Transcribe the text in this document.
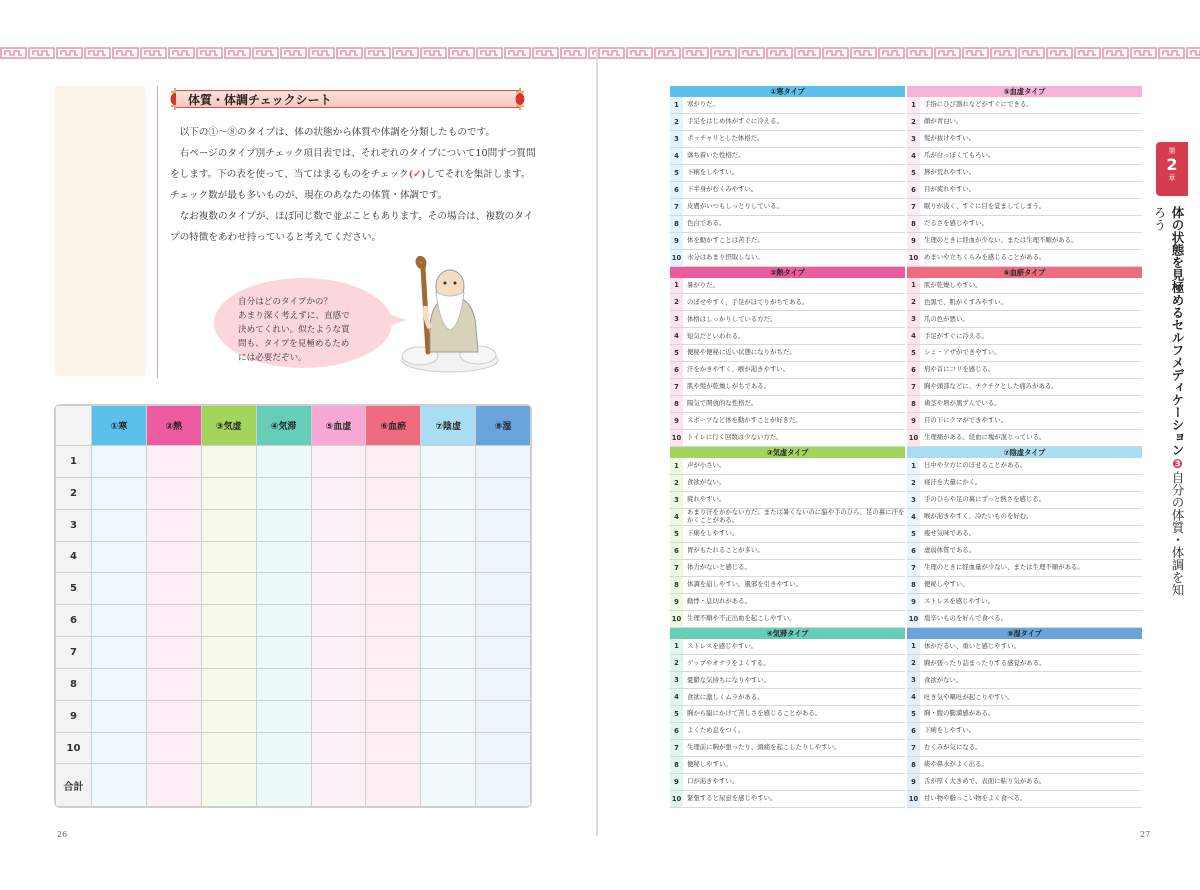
体質・体調チェックシート

以下の①～⑧のタイプは、体の状態から体質や体調を分類したものです。

右ページのタイプ別チェック項目表では、それぞれのタイプについて10問ずつ質問をします。下の表を使って、当てはまるものをチェック(✓)してそれを集計します。チェック数が最も多いものが、現在のあなたの体質・体調です。

なお複数のタイプが、ほぼ同じ数で並ぶこともあります。その場合は、複数のタイプの特徴をあわせ持っていると考えてください。

自分はどのタイプかの？
あまり深く考えずに、直感で
決めてくれい。似たような質
問も、タイプを見極めるため
には必要だぞい。
	①寒	②熱	③気虚	④気滞	⑤血虚	⑥血瘀	⑦陰虚	⑧湿
1								
2								
3								
4								
5								
6								
7								
8								
9								
10								
合計								
26
①寒タイプ
1	寒がりだ。
2	手足をはじめ体がすぐに冷える。
3	ポッチャリとした体格だ。
4	落ち着いた性格だ。
5	下痢をしやすい。
6	下半身がむくみやすい。
7	皮膚がいつもしっとりしている。
8	色白である。
9	体を動かすことは苦手だ。
10 水分はあまり摂取しない。
⑤血虚タイプ
1	手指にひび割れなどがすぐにできる。
2	顔が青白い。
3	髪が抜けやすい。
4	爪が白っぽくてもろい。
5	唇が荒れやすい。
6	目が疲れやすい。
7	眠りが浅く、すぐに目を覚ましてしまう。
8	だるさを感じやすい。
9	生理のときに経血が少ない、または生理不順がある。
10 めまいや立ちくらみを感じることがある。
②熱タイプ
1	暑がりだ。
2	のぼせやすく、手足がほてりがちである。
3	体格はしっかりしている方だ。
4	短気だといわれる。
5	便秘や便秘に近い状態になりがちだ。
6	汗をかきやすく、喉が渇きやすい。
7	肌や髪が乾燥しがちである。
8	陽気で開放的な性格だ。
9	スポーツなど体を動かすことが好きだ。
10 トイレに行く回数は少ない方だ。
⑥血瘀タイプ
1	肌が乾燥しやすい。
2	色黒で、肌がくすみやすい。
3	爪の色が悪い。
4	手足がすぐに冷える。
5	シミ・アザができやすい。
6	肩や首にコリを感じる。
7	胸や頭部などに、チクチクとした痛みがある。
8	歯茎や唇が黒ずんでいる。
9	目の下にクマができやすい。
10 生理痛がある。経血に塊が混じっている。
③気虚タイプ
1	声が小さい。
2	食欲がない。
3	疲れやすい。
4
あまり汗をかかない方だ。または暑くないのに脇や手のひら、足の裏に汗をかくことがある。
5	下痢をしやすい。
6	胃がもたれることが多い。
7	体力がないと感じる。
8	体調を崩しやすい。風邪を引きやすい。
9	動悸・息切れがある。
10 生理不順や不正出血を起こしやすい。
⑦陰虚タイプ
1	日中や夕方にのぼせることがある。
2	寝汗を大量にかく。
3	手のひらや足の裏にずっと熱さを感じる。
4	喉が渇きやすく、冷たいものを好む。
5	痩せ気味である。
6	虚弱体質である。
7	生理のときに経血量が少ない、または生理不順がある。
8	便秘しやすい。
9	ストレスを感じやすい。
10 塩辛いものを好んで食べる。
④気滞タイプ
1	ストレスを感じやすい。
2	ゲップやオナラをよくする。
3	憂鬱な気持ちになりやすい。
4	食欲に激しくムラがある。
5	胸から脇にかけて苦しさを感じることがある。
6	よくため息をつく。
7	生理前に胸が張ったり、頭痛を起こしたりしやすい。
8	便秘しやすい。
9	口が渇きやすい。
10 緊張すると尿意を感じやすい。
⑧湿タイプ
1	体がだるい、重いと感じやすい。
2	胸が張ったり詰まったりする感覚がある。
3	食欲がない。
4	吐き気や嘔吐が起こりやすい。
5	胸・腹の膨満感がある。
6	下痢をしやすい。
7	むくみが気になる。
8	痰や鼻水がよく出る。
9	舌が厚く大きめで、表面に粘り気がある。
10 甘い物や脂っこい物をよく食べる。
第
2
章
体の状態を見極めるセルフメディケーション❸自分の体質・体調を知ろう
27
